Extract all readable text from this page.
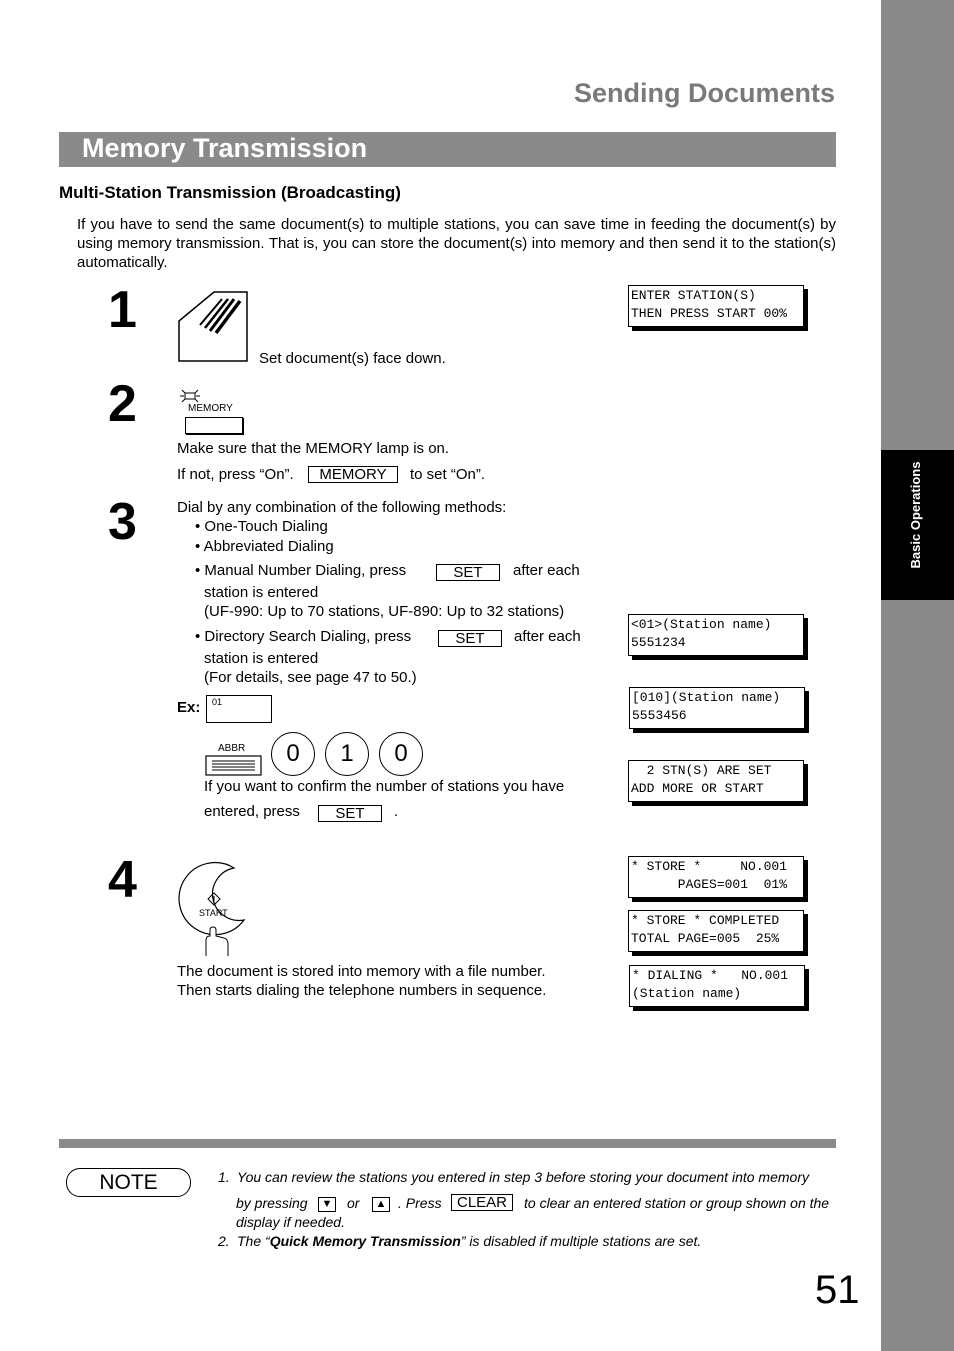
Basic Operations
Sending Documents
Memory Transmission
Multi-Station Transmission (Broadcasting)
If you have to send the same document(s) to multiple stations, you can save time in feeding the document(s) by using memory transmission. That is, you can store the document(s) into memory and then send it to the station(s) automatically.
1
Set document(s) face down.
ENTER STATION(S)
THEN PRESS START 00%
2	MEMORY
Make sure that the MEMORY lamp is on.
If not, press “On”.	MEMORY	to set “On”.
3	Dial by any combination of the following methods:
• One-Touch Dialing
• Abbreviated Dialing
• Manual Number Dialing, press	SET	after each
station is entered
(UF-990: Up to 70 stations, UF-890: Up to 32 stations)
• Directory Search Dialing, press	SET	after each
station is entered
(For details, see page 47 to 50.)
Ex:	01
ABBR	0	1	0
If you want to confirm the number of stations you have
entered, press	SET	.
<01>(Station name)
5551234
[010](Station name)
5553456
2 STN(S) ARE SET
ADD MORE OR START
4
START
The document is stored into memory with a file number.
Then starts dialing the telephone numbers in sequence.
* STORE *     NO.001
PAGES=001  01%
* STORE * COMPLETED
TOTAL PAGE=005  25%
* DIALING *   NO.001
(Station name)
NOTE	1. You can review the stations you entered in step 3 before storing your document into memory
by pressing	▼ or	▲ . Press	CLEAR	to clear an entered station or group shown on the
display if needed.
2. The “Quick Memory Transmission” is disabled if multiple stations are set.
51
